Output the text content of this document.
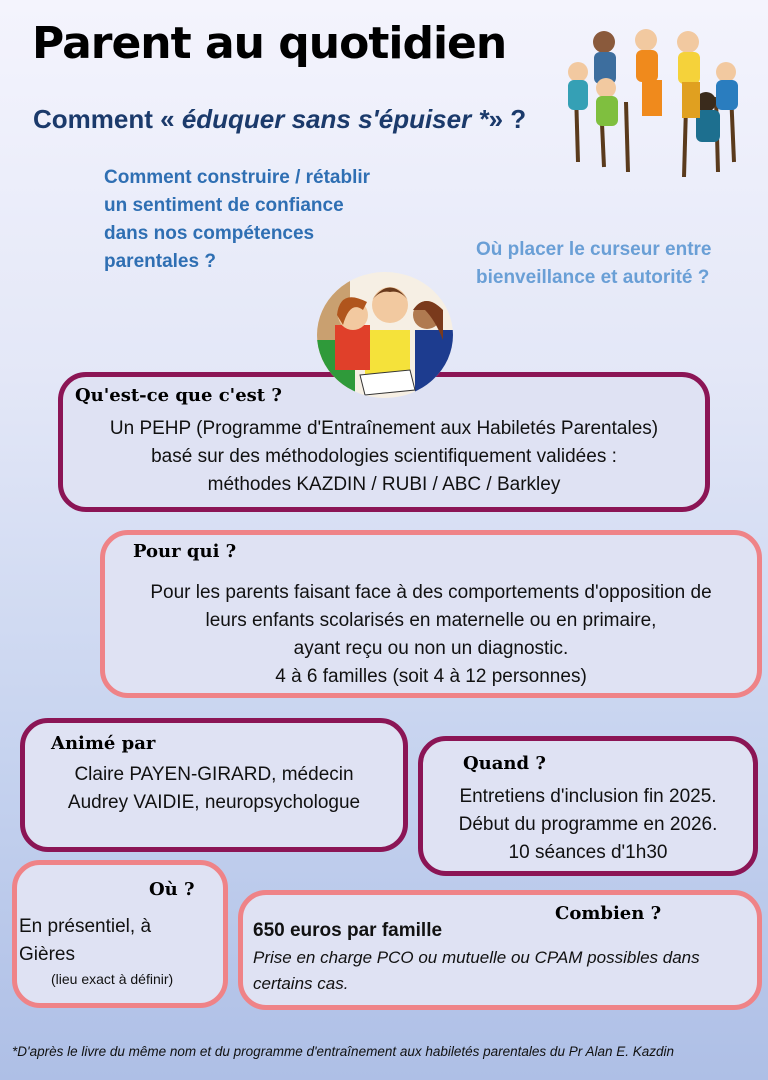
Parent au quotidien
Comment « éduquer sans s'épuiser *» ?
Comment construire / rétablir
un sentiment de confiance
dans nos compétences
parentales ?
Où placer le curseur entre
bienveillance et autorité ?
Qu'est-ce que c'est ?
Un PEHP (Programme d'Entraînement aux Habiletés Parentales)
basé sur des méthodologies scientifiquement validées :
méthodes KAZDIN / RUBI / ABC / Barkley
Pour qui ?
Pour les parents faisant face à des comportements d'opposition de
leurs enfants scolarisés en maternelle ou en primaire,
ayant reçu ou non un diagnostic.
4 à 6 familles (soit 4 à 12 personnes)
Animé par
Claire PAYEN-GIRARD, médecin
Audrey VAIDIE, neuropsychologue
Quand ?
Entretiens d'inclusion fin 2025.
Début du programme en 2026.
10 séances d'1h30
Où ?
En présentiel, à
Gières
(lieu exact à définir)
Combien ?
650 euros par famille
Prise en charge PCO ou mutuelle ou CPAM possibles dans certains cas.
*D'après le livre du même nom et du programme d'entraînement aux habiletés parentales du Pr Alan E. Kazdin
